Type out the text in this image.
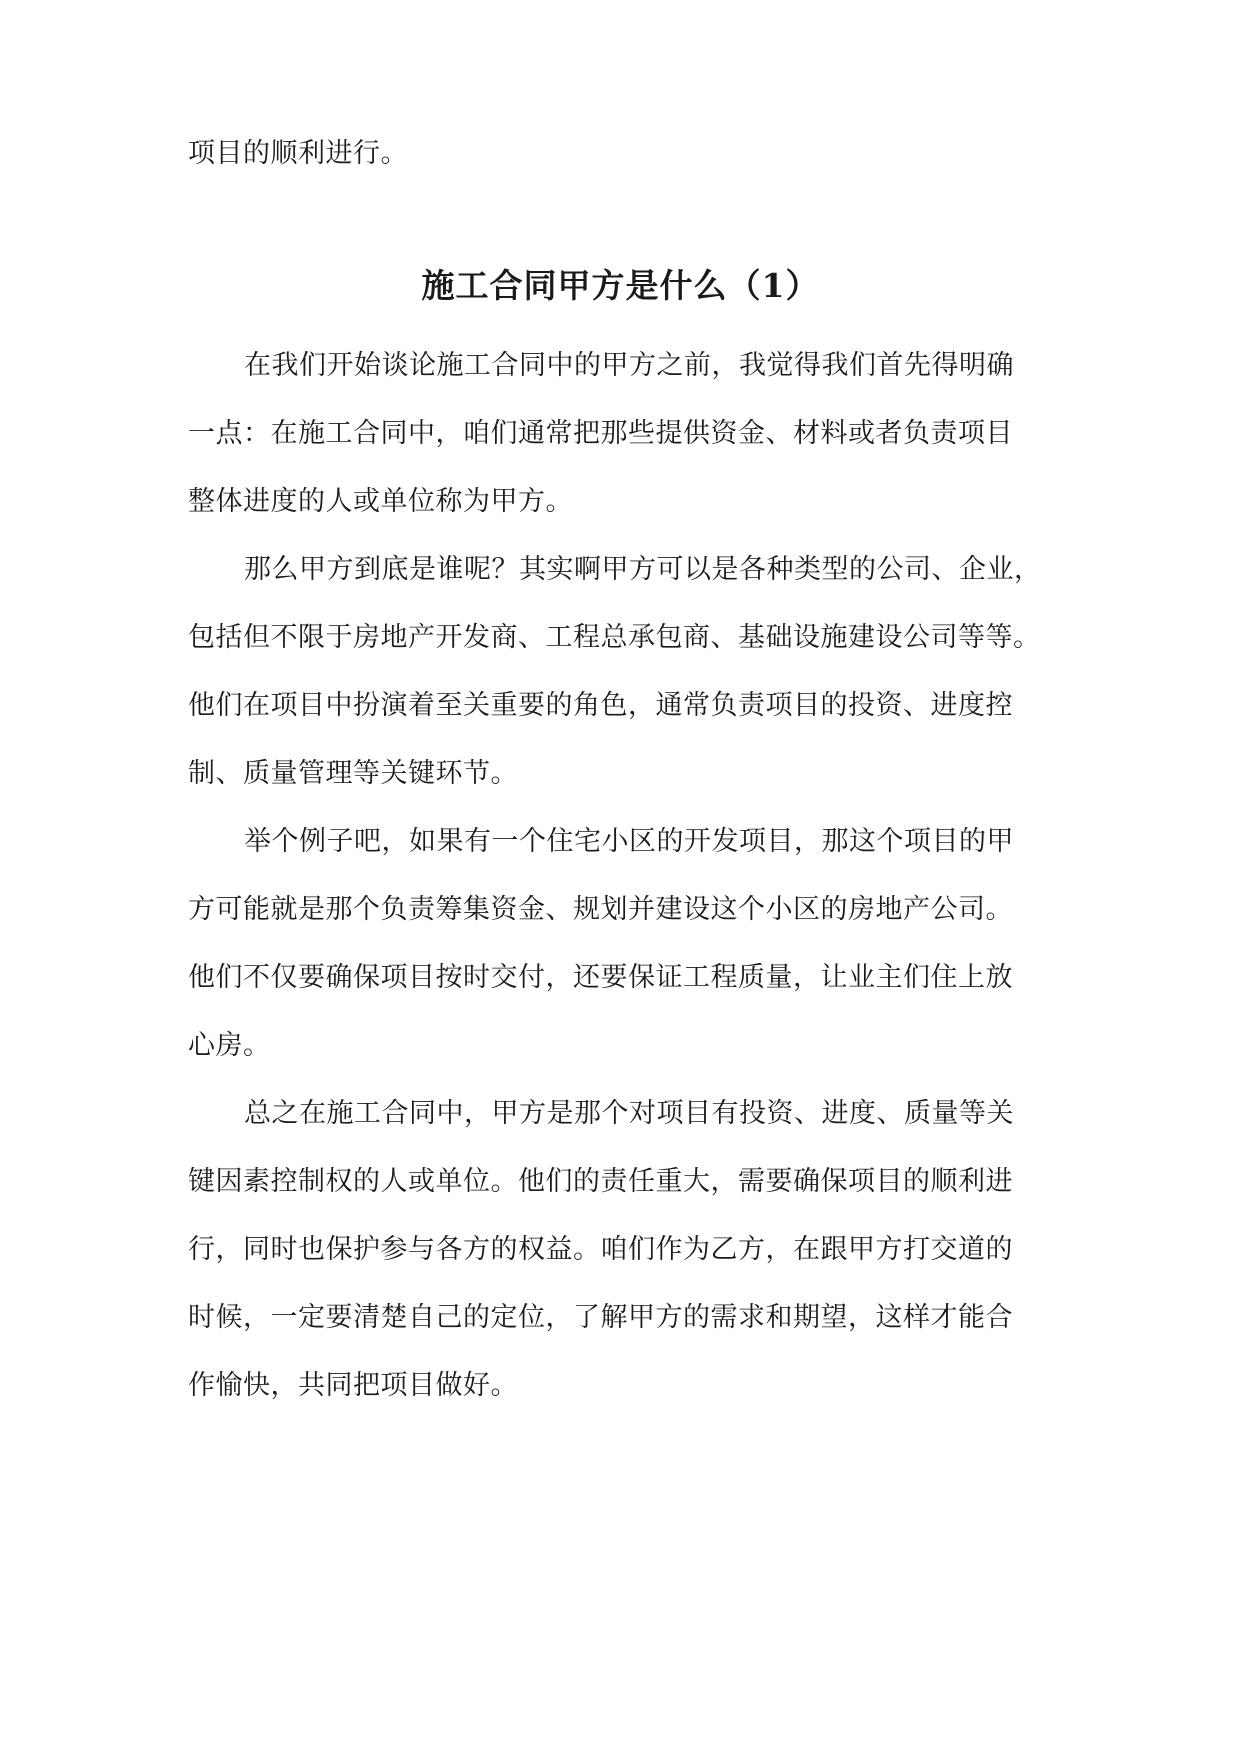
项目的顺利进行。
施工合同甲方是什么（1）
在我们开始谈论施工合同中的甲方之前，我觉得我们首先得明确
一点：在施工合同中，咱们通常把那些提供资金、材料或者负责项目
整体进度的人或单位称为甲方。
那么甲方到底是谁呢？其实啊甲方可以是各种类型的公司、企业，
包括但不限于房地产开发商、工程总承包商、基础设施建设公司等等。
他们在项目中扮演着至关重要的角色，通常负责项目的投资、进度控
制、质量管理等关键环节。
举个例子吧，如果有一个住宅小区的开发项目，那这个项目的甲
方可能就是那个负责筹集资金、规划并建设这个小区的房地产公司。
他们不仅要确保项目按时交付，还要保证工程质量，让业主们住上放
心房。
总之在施工合同中，甲方是那个对项目有投资、进度、质量等关
键因素控制权的人或单位。他们的责任重大，需要确保项目的顺利进
行，同时也保护参与各方的权益。咱们作为乙方，在跟甲方打交道的
时候，一定要清楚自己的定位，了解甲方的需求和期望，这样才能合
作愉快，共同把项目做好。
